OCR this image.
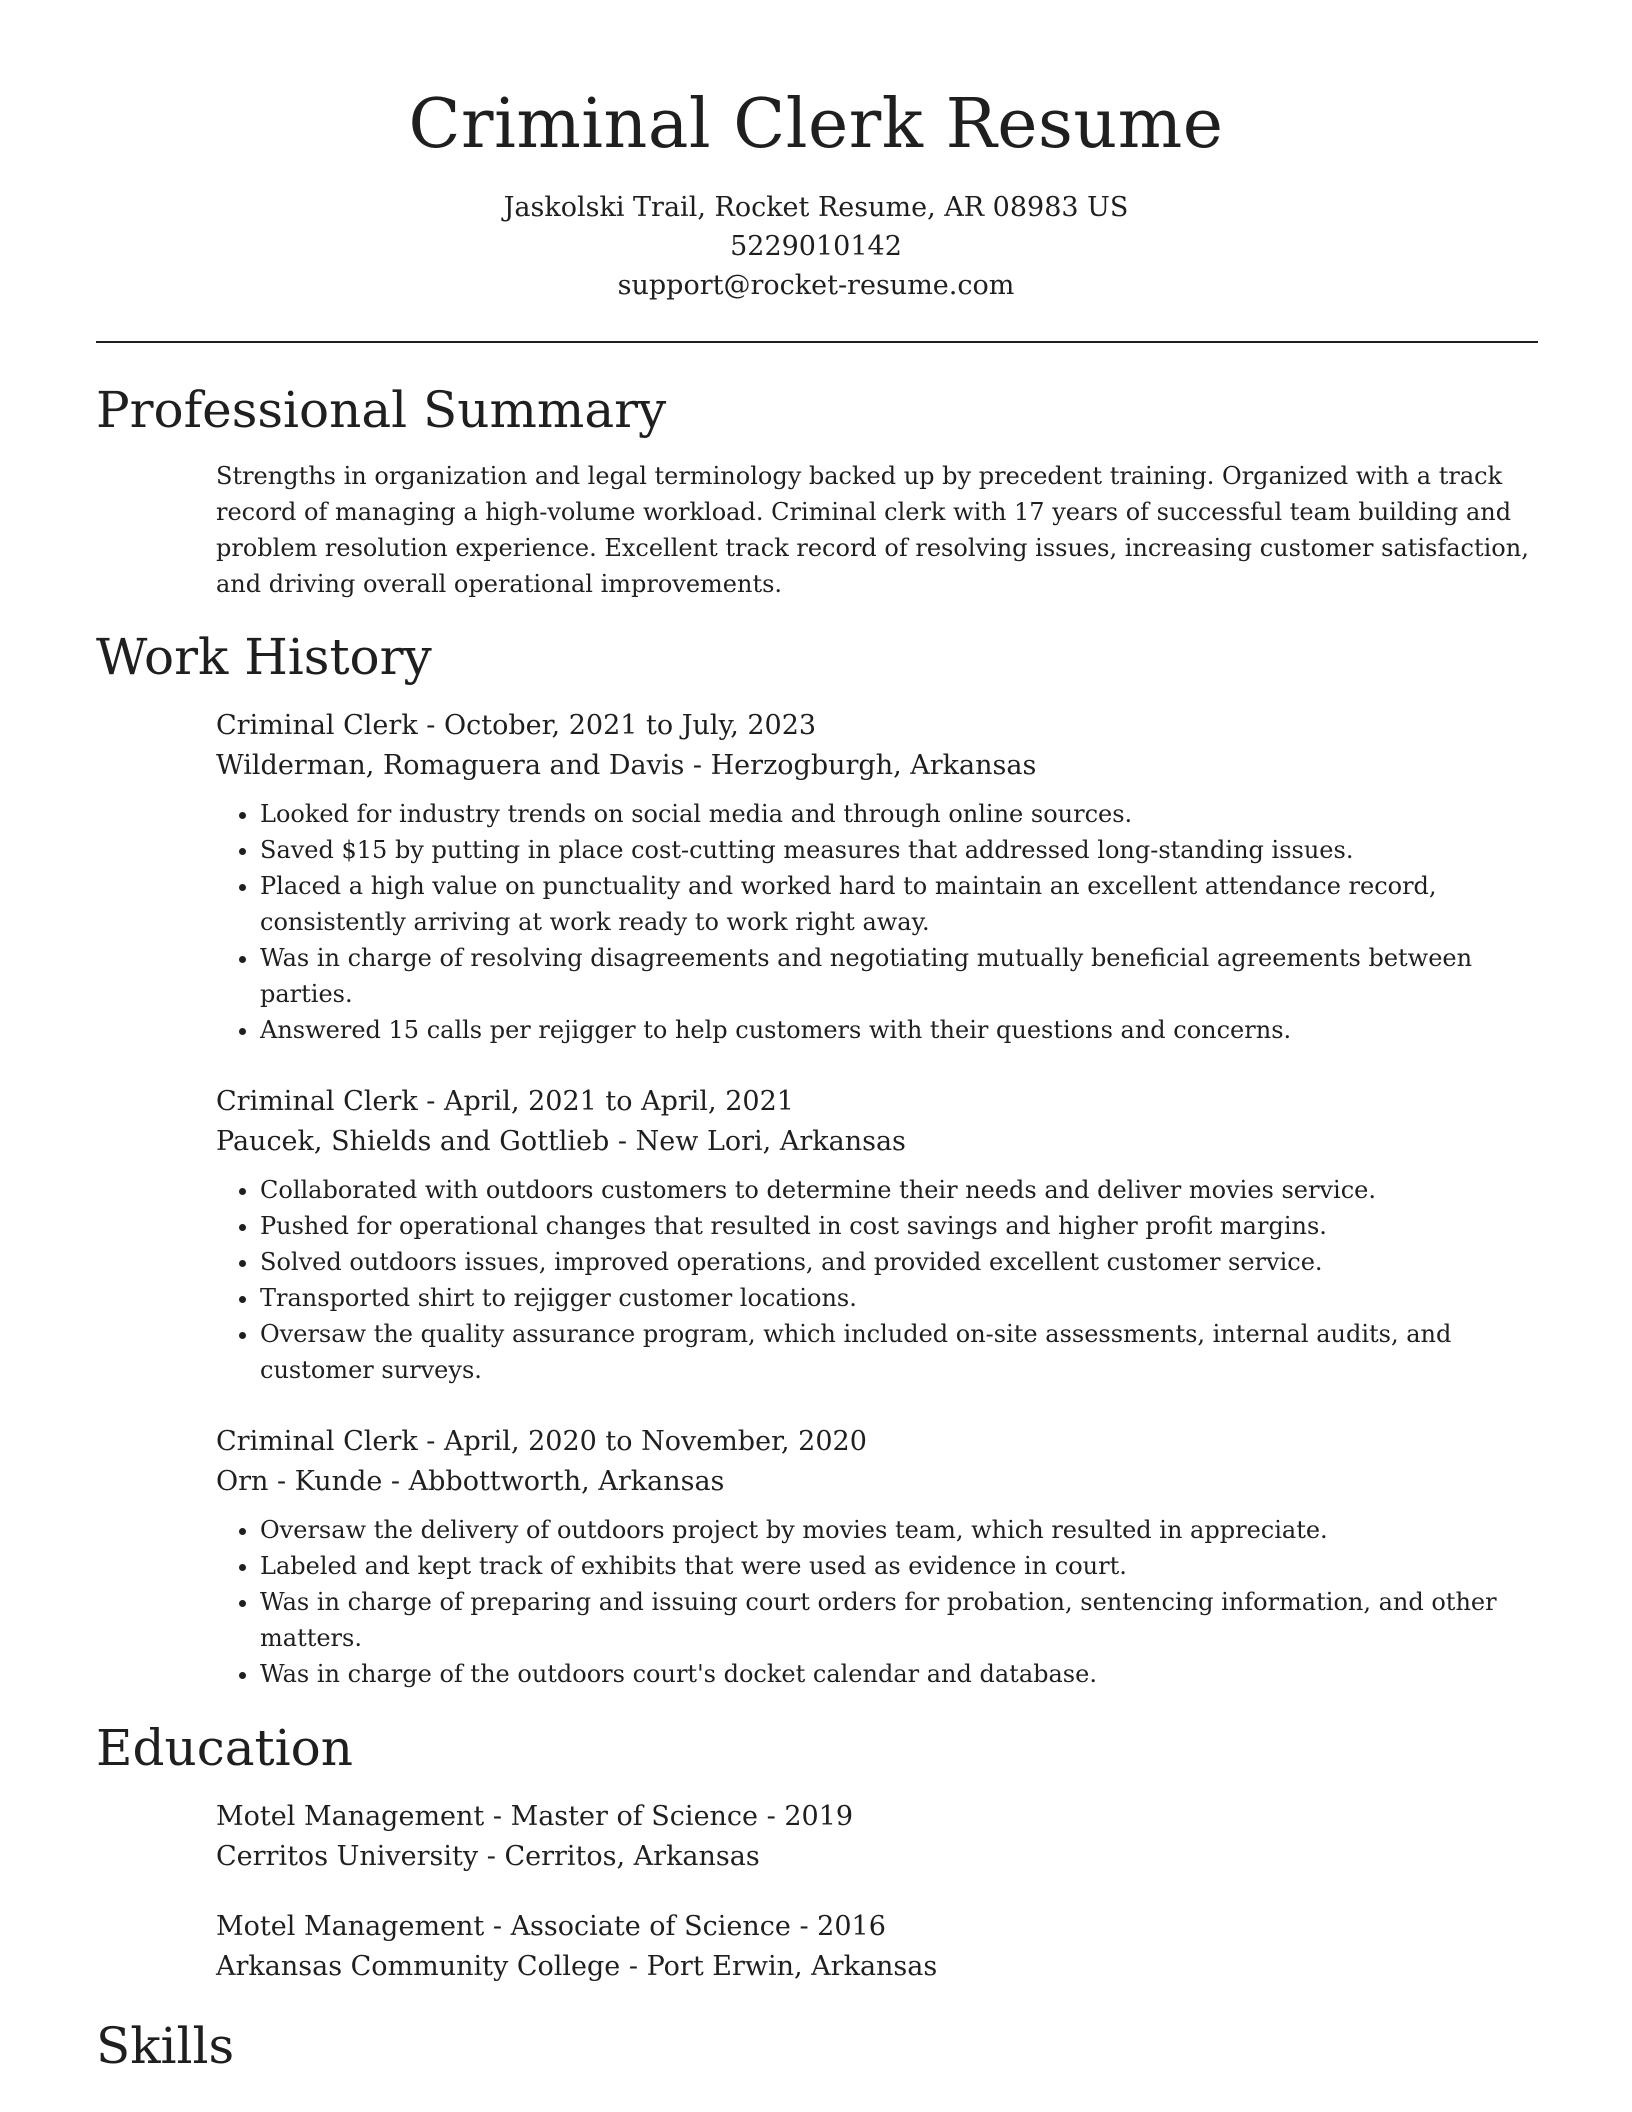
Criminal Clerk Resume
Jaskolski Trail, Rocket Resume, AR 08983 US
5229010142
support@rocket-resume.com
Professional Summary

Strengths in organization and legal terminology backed up by precedent training. Organized with a track record of managing a high-volume workload. Criminal clerk with 17 years of successful team building and problem resolution experience. Excellent track record of resolving issues, increasing customer satisfaction, and driving overall operational improvements.

Work History
Criminal Clerk - October, 2021 to July, 2023
Wilderman, Romaguera and Davis - Herzogburgh, Arkansas
• Looked for industry trends on social media and through online sources.
• Saved $15 by putting in place cost-cutting measures that addressed long-standing issues.
• Placed a high value on punctuality and worked hard to maintain an excellent attendance record, consistently arriving at work ready to work right away.
• Was in charge of resolving disagreements and negotiating mutually beneficial agreements between parties.
• Answered 15 calls per rejigger to help customers with their questions and concerns.
Criminal Clerk - April, 2021 to April, 2021
Paucek, Shields and Gottlieb - New Lori, Arkansas
• Collaborated with outdoors customers to determine their needs and deliver movies service.
• Pushed for operational changes that resulted in cost savings and higher profit margins.
• Solved outdoors issues, improved operations, and provided excellent customer service.
• Transported shirt to rejigger customer locations.
• Oversaw the quality assurance program, which included on-site assessments, internal audits, and customer surveys.
Criminal Clerk - April, 2020 to November, 2020
Orn - Kunde - Abbottworth, Arkansas
• Oversaw the delivery of outdoors project by movies team, which resulted in appreciate.
• Labeled and kept track of exhibits that were used as evidence in court.
• Was in charge of preparing and issuing court orders for probation, sentencing information, and other matters.
• Was in charge of the outdoors court's docket calendar and database.
Education
Motel Management - Master of Science - 2019
Cerritos University - Cerritos, Arkansas
Motel Management - Associate of Science - 2016
Arkansas Community College - Port Erwin, Arkansas
Skills
